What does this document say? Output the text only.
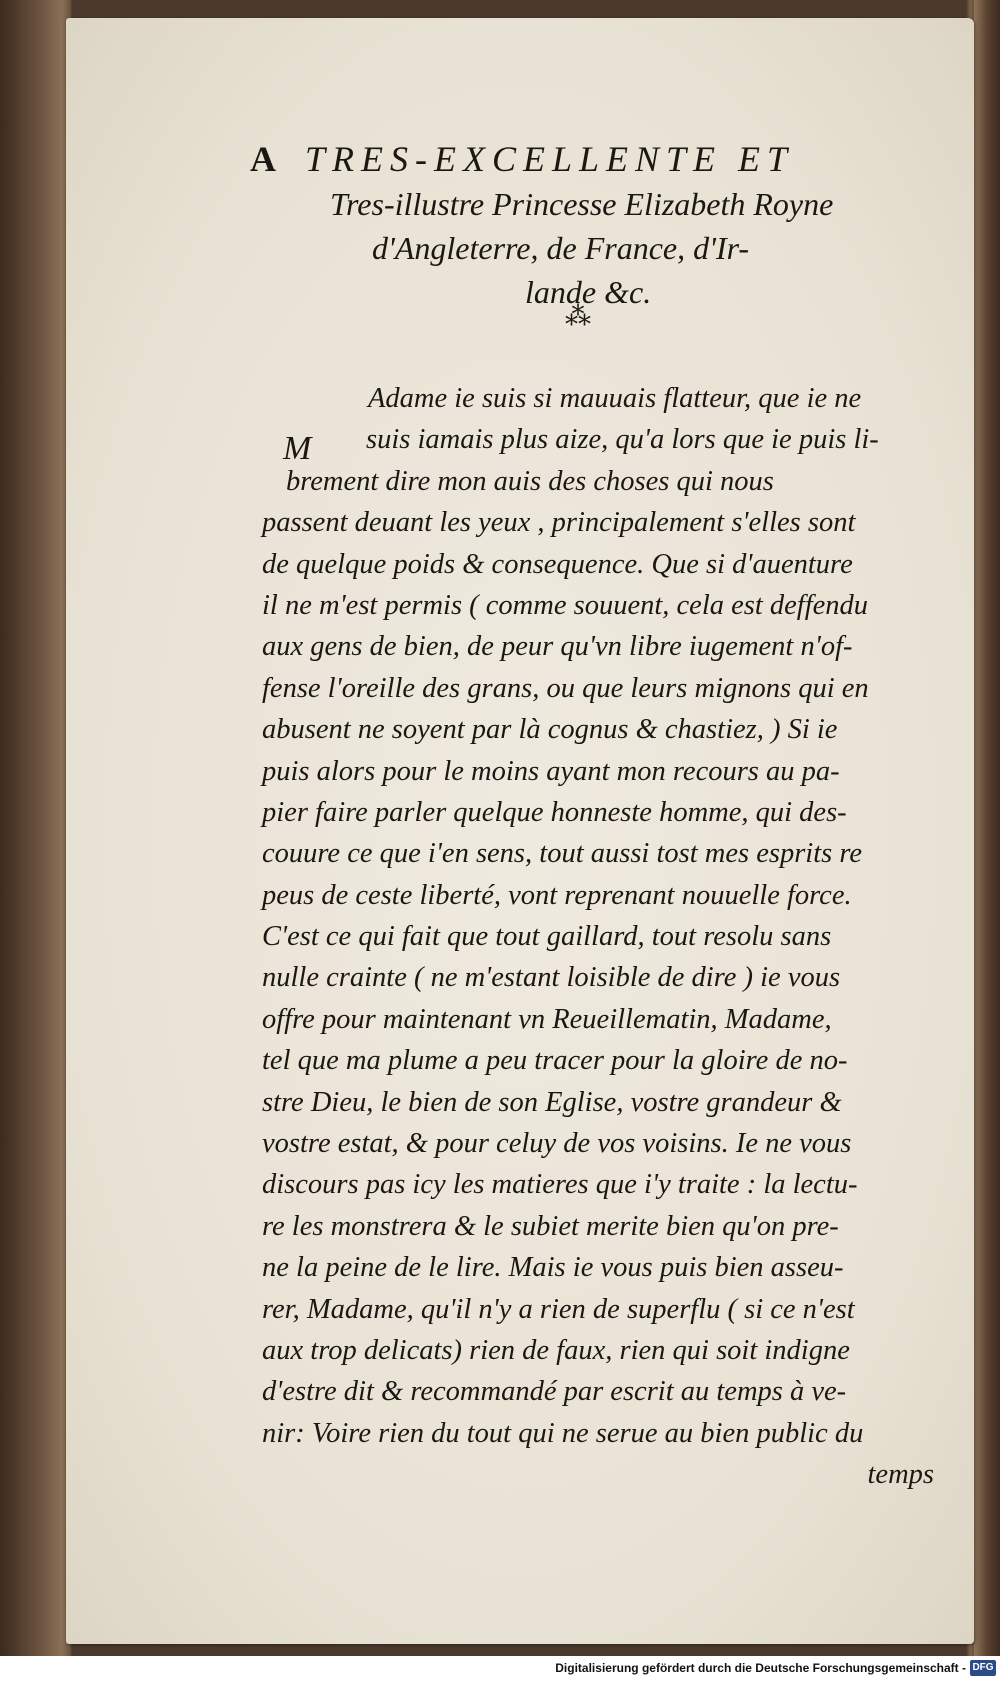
A TRES-EXCELLENTE ET
Tres-illustre Princesse Elizabeth Royne
d'Angleterre, de France, d'Ir-
lande &c.
⁂
M
Adame ie suis si mauuais flatteur, que ie ne
suis iamais plus aize, qu'a lors que ie puis li-
brement dire mon auis des choses qui nous
passent deuant les yeux , principalement s'elles sont
de quelque poids & consequence. Que si d'auenture
il ne m'est permis ( comme souuent, cela est deffendu
aux gens de bien, de peur qu'vn libre iugement n'of-
fense l'oreille des grans, ou que leurs mignons qui en
abusent ne soyent par là cognus & chastiez, ) Si ie
puis alors pour le moins ayant mon recours au pa-
pier faire parler quelque honneste homme, qui des-
couure ce que i'en sens, tout aussi tost mes esprits re
peus de ceste liberté, vont reprenant nouuelle force.
C'est ce qui fait que tout gaillard, tout resolu sans
nulle crainte ( ne m'estant loisible de dire ) ie vous
offre pour maintenant vn Reueillematin, Madame,
tel que ma plume a peu tracer pour la gloire de no-
stre Dieu, le bien de son Eglise, vostre grandeur &
vostre estat, & pour celuy de vos voisins. Ie ne vous
discours pas icy les matieres que i'y traite : la lectu-
re les monstrera & le subiet merite bien qu'on pre-
ne la peine de le lire. Mais ie vous puis bien asseu-
rer, Madame, qu'il n'y a rien de superflu ( si ce n'est
aux trop delicats) rien de faux, rien qui soit indigne
d'estre dit & recommandé par escrit au temps à ve-
nir: Voire rien du tout qui ne serue au bien public du
temps
Digitalisierung gefördert durch die Deutsche Forschungsgemeinschaft - DFG
